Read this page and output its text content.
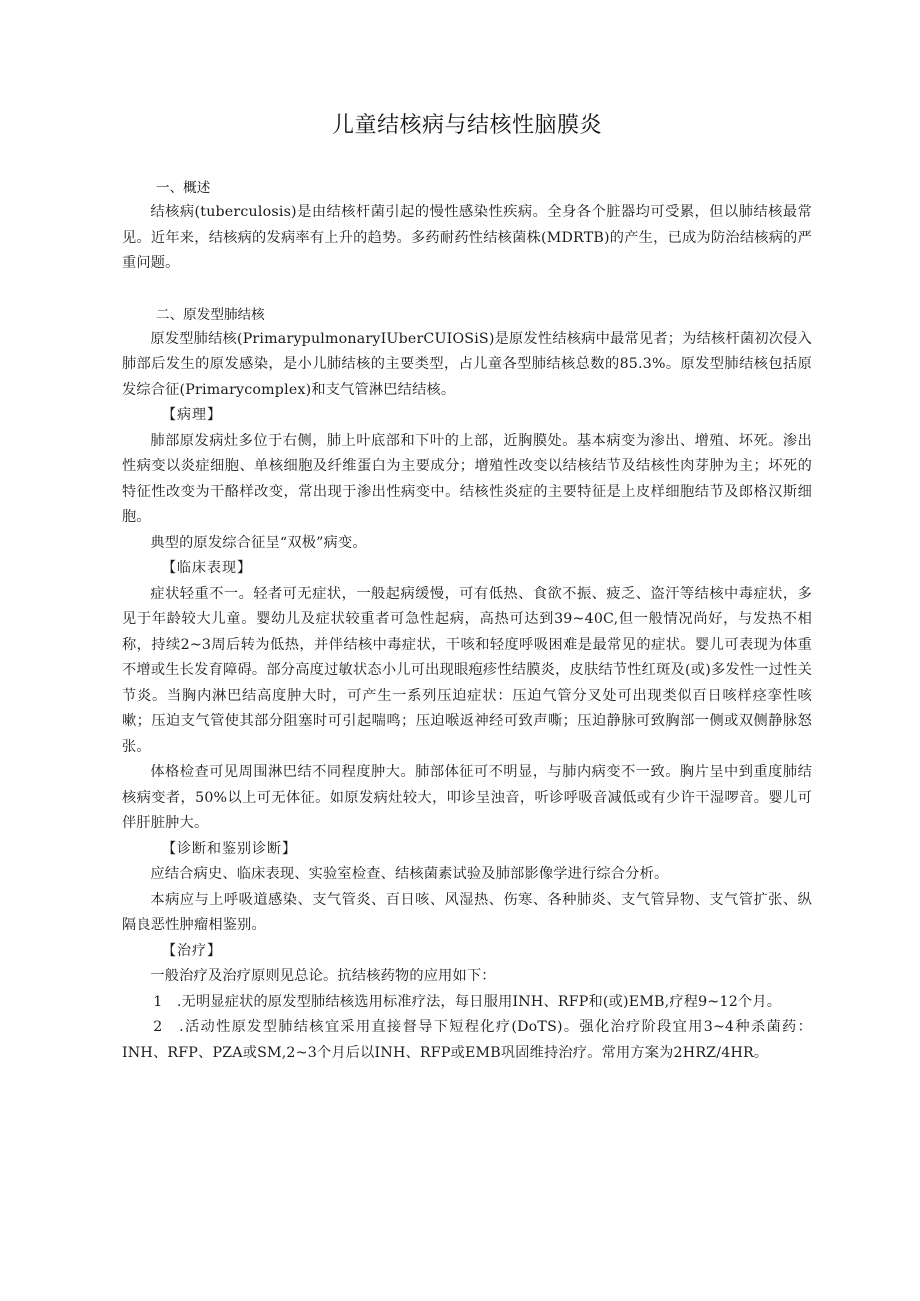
儿童结核病与结核性脑膜炎
一、概述

结核病(tuberculosis)是由结核杆菌引起的慢性感染性疾病。全身各个脏器均可受累，但以肺结核最常见。近年来，结核病的发病率有上升的趋势。多药耐药性结核菌株(MDRTB)的产生，已成为防治结核病的严重问题。

二、原发型肺结核

原发型肺结核(PrimarypulmonaryIUberCUIOSiS)是原发性结核病中最常见者；为结核杆菌初次侵入肺部后发生的原发感染，是小儿肺结核的主要类型，占儿童各型肺结核总数的85.3%。原发型肺结核包括原发综合征(Primarycomplex)和支气管淋巴结结核。

【病理】

肺部原发病灶多位于右侧，肺上叶底部和下叶的上部，近胸膜处。基本病变为渗出、增殖、坏死。渗出性病变以炎症细胞、单核细胞及纤维蛋白为主要成分；增殖性改变以结核结节及结核性肉芽肿为主；坏死的特征性改变为干酪样改变，常出现于渗出性病变中。结核性炎症的主要特征是上皮样细胞结节及郎格汉斯细胞。

典型的原发综合征呈“双极”病变。

【临床表现】

症状轻重不一。轻者可无症状，一般起病缓慢，可有低热、食欲不振、疲乏、盗汗等结核中毒症状，多见于年龄较大儿童。婴幼儿及症状较重者可急性起病，高热可达到39~40C,但一般情况尚好，与发热不相称，持续2~3周后转为低热，并伴结核中毒症状，干咳和轻度呼吸困难是最常见的症状。婴儿可表现为体重不增或生长发育障碍。部分高度过敏状态小儿可出现眼疱疹性结膜炎，皮肤结节性红斑及(或)多发性一过性关节炎。当胸内淋巴结高度肿大时，可产生一系列压迫症状：压迫气管分叉处可出现类似百日咳样痉挛性咳嗽；压迫支气管使其部分阻塞时可引起喘鸣；压迫喉返神经可致声嘶；压迫静脉可致胸部一侧或双侧静脉怒张。

体格检查可见周围淋巴结不同程度肿大。肺部体征可不明显，与肺内病变不一致。胸片呈中到重度肺结核病变者，50%以上可无体征。如原发病灶较大，叩诊呈浊音，听诊呼吸音减低或有少许干湿啰音。婴儿可伴肝脏肿大。

【诊断和鉴别诊断】

应结合病史、临床表现、实验室检查、结核菌素试验及肺部影像学进行综合分析。

本病应与上呼吸道感染、支气管炎、百日咳、风湿热、伤寒、各种肺炎、支气管异物、支气管扩张、纵隔良恶性肿瘤相鉴别。

【治疗】

一般治疗及治疗原则见总论。抗结核药物的应用如下：

1　.无明显症状的原发型肺结核选用标准疗法，每日服用INH、RFP和(或)EMB,疗程9~12个月。

2　.活动性原发型肺结核宜采用直接督导下短程化疗(DoTS)。强化治疗阶段宜用3~4种杀菌药：INH、RFP、PZA或SM,2~3个月后以INH、RFP或EMB巩固维持治疗。常用方案为2HRZ/4HR。
